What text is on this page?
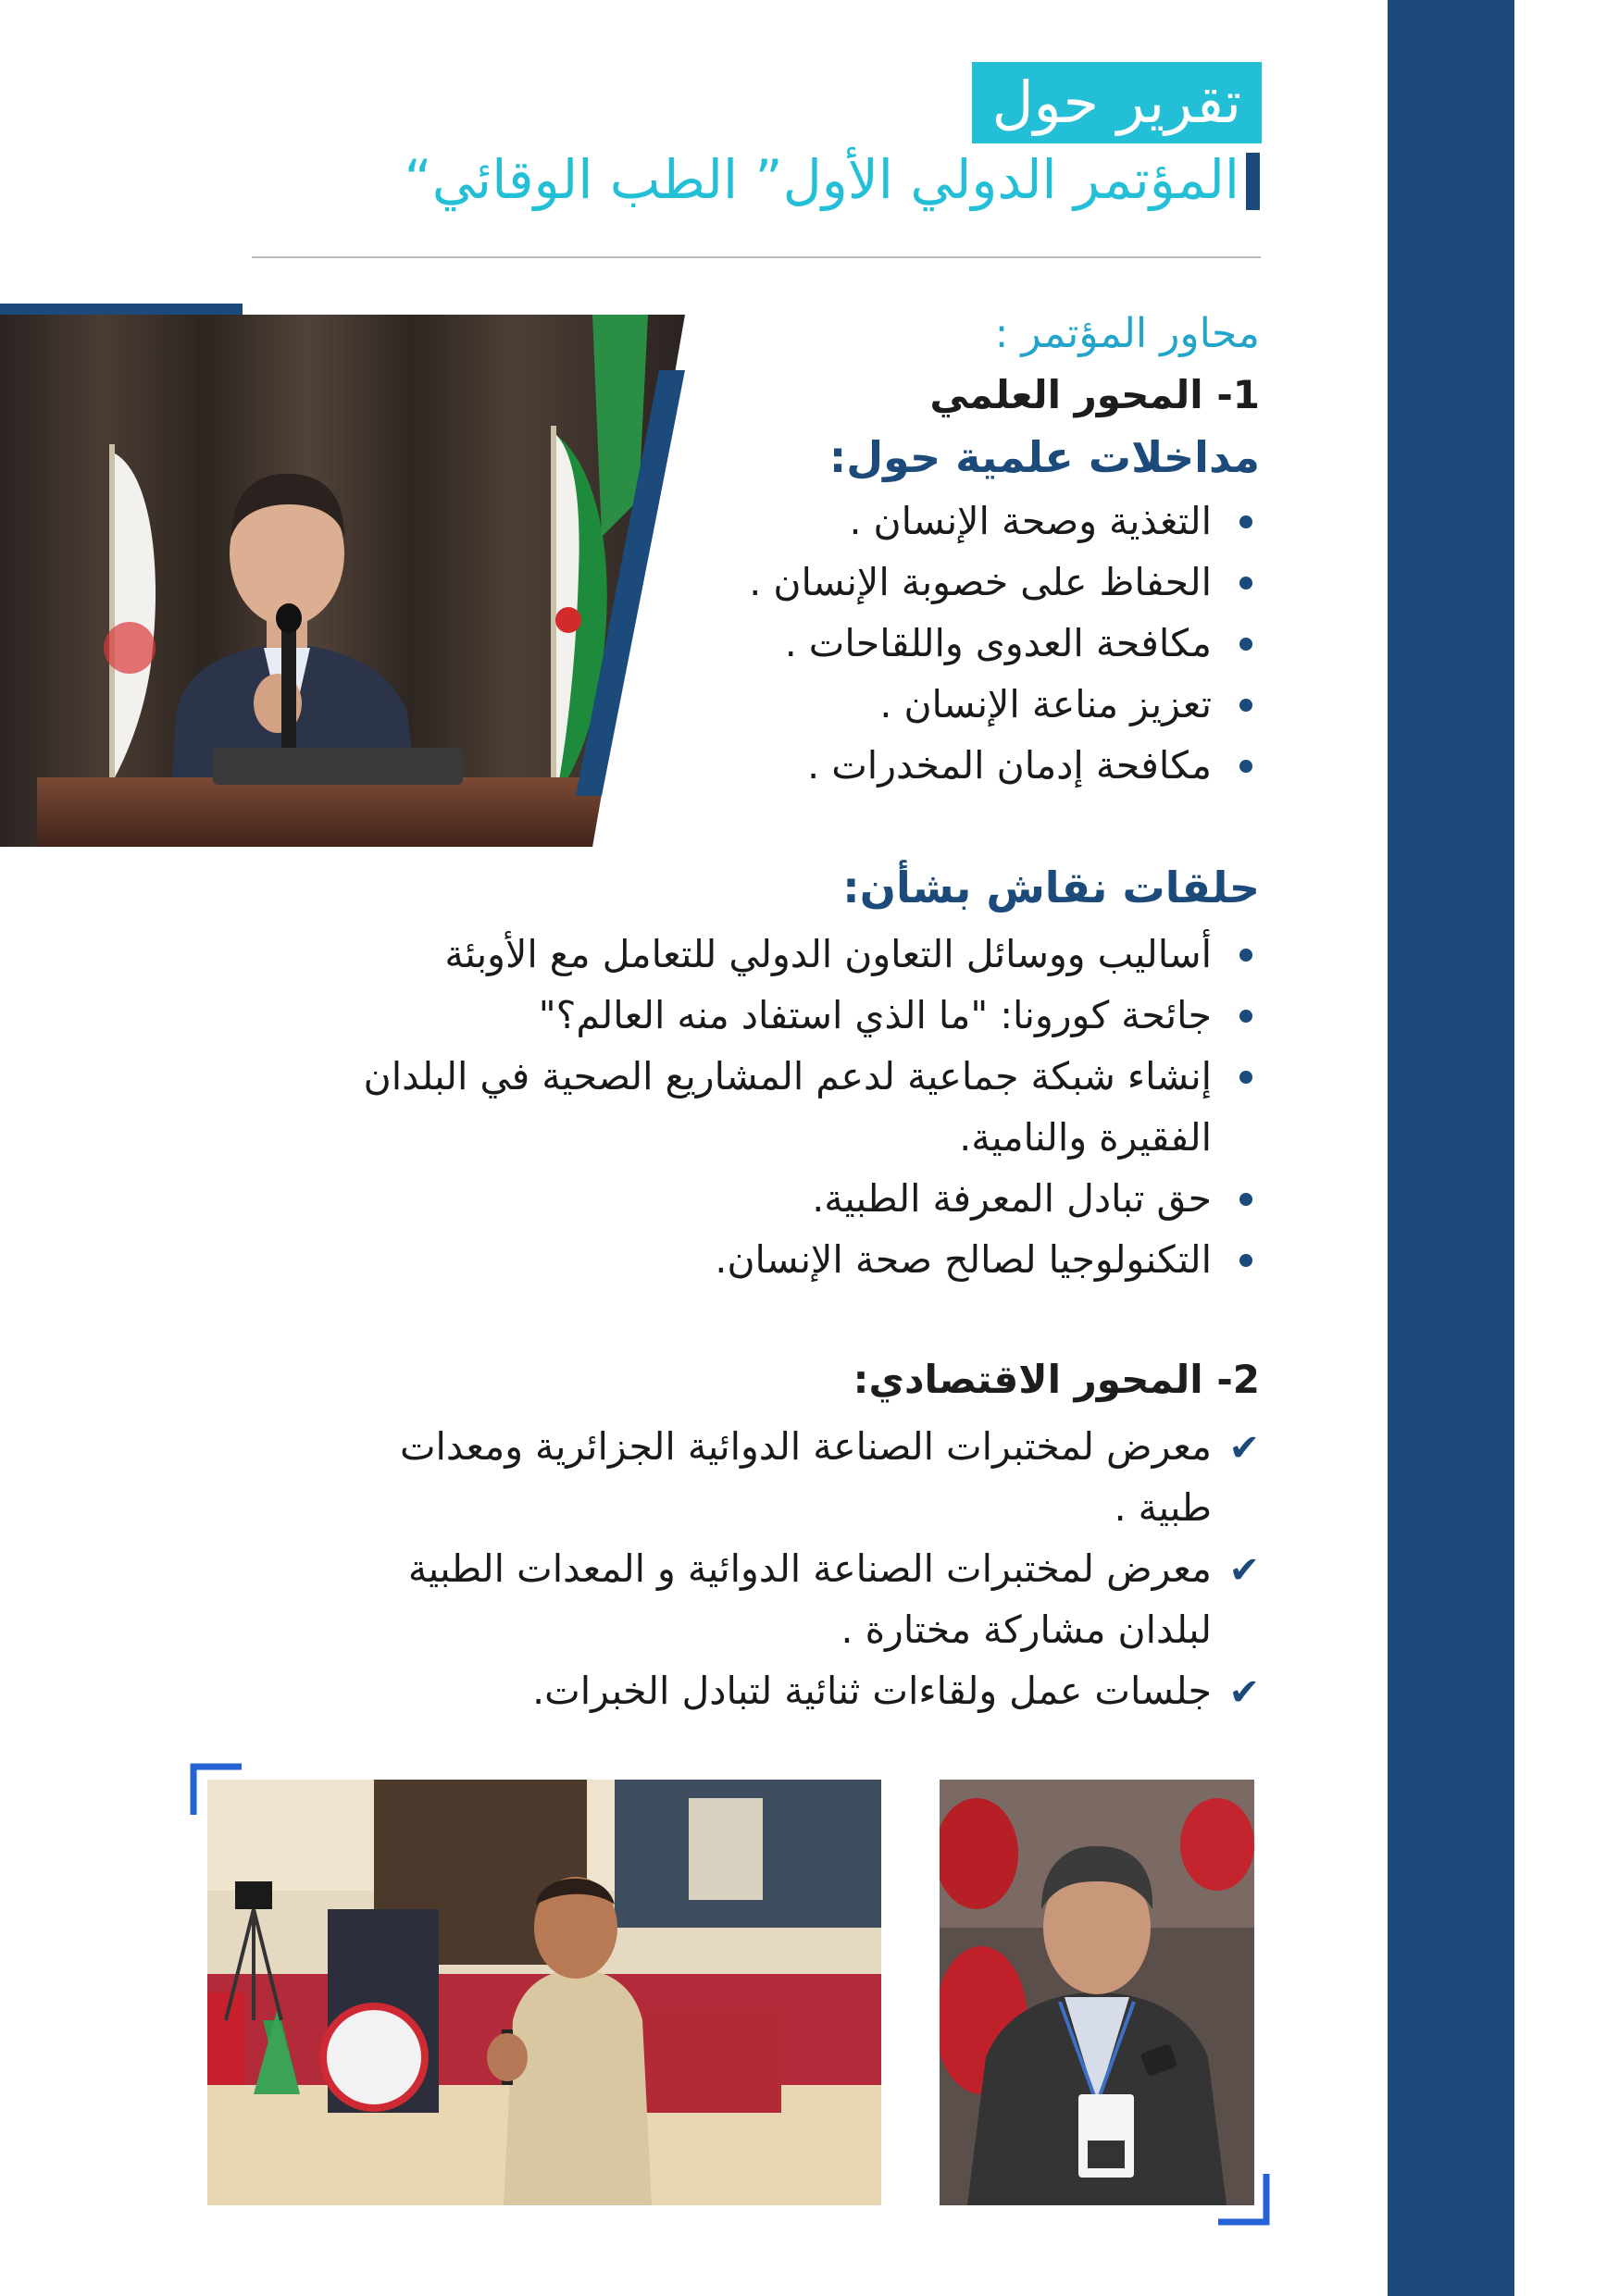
تقرير حول
المؤتمر الدولي الأول” الطب الوقائي“
محاور المؤتمر :
1- المحور العلمي
مداخلات علمية حول:
التغذية وصحة الإنسان .
الحفاظ على خصوبة الإنسان .
مكافحة العدوى واللقاحات .
تعزيز مناعة الإنسان .
مكافحة إدمان المخدرات .
حلقات نقاش بشأن:
أساليب ووسائل التعاون الدولي للتعامل مع الأوبئة
جائحة كورونا: "ما الذي استفاد منه العالم؟"
إنشاء شبكة جماعية لدعم المشاريع الصحية في البلدان
الفقيرة والنامية.
حق تبادل المعرفة الطبية.
التكنولوجيا لصالح صحة الإنسان.
2- المحور الاقتصادي:
✔
معرض لمختبرات الصناعة الدوائية الجزائرية ومعدات
طبية .
✔
معرض لمختبرات الصناعة الدوائية و المعدات الطبية
لبلدان مشاركة مختارة .
✔
جلسات عمل ولقاءات ثنائية لتبادل الخبرات.
